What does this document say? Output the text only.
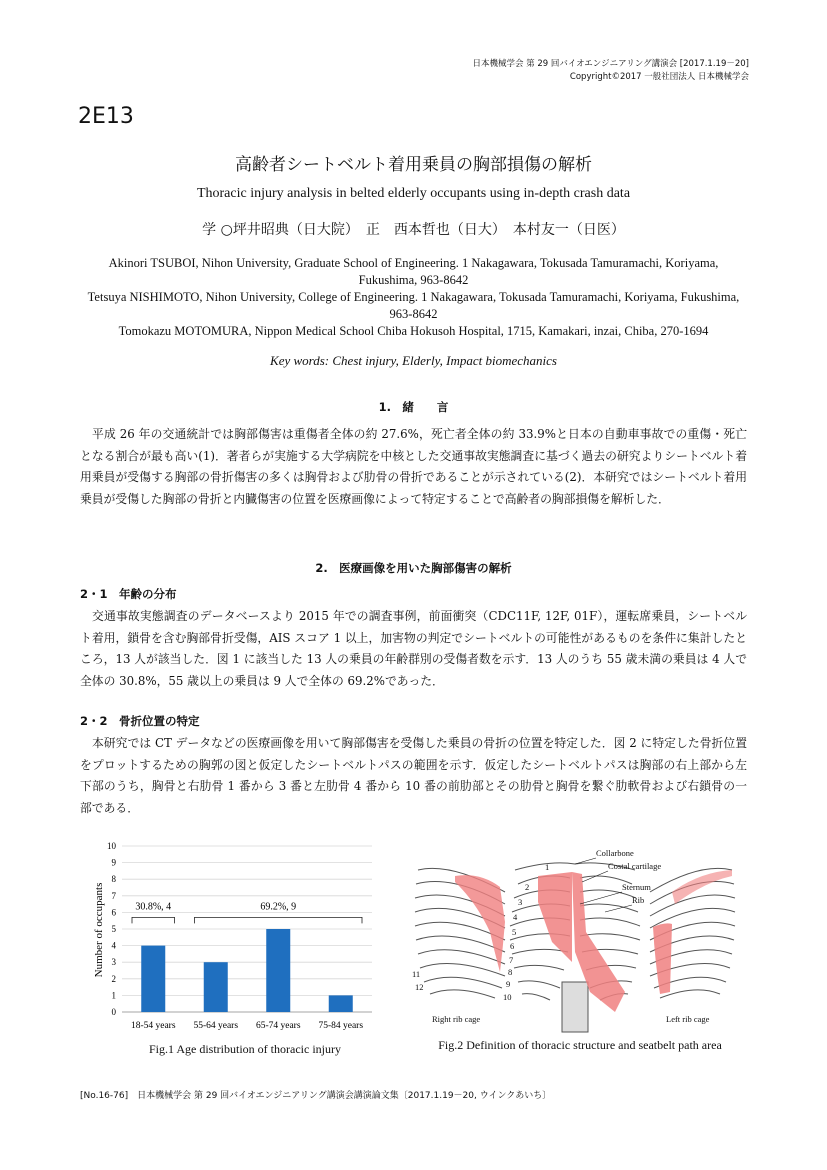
日本機械学会 第 29 回バイオエンジニアリング講演会 [2017.1.19－20]
Copyright©2017 一般社団法人 日本機械学会
2E13
高齢者シートベルト着用乗員の胸部損傷の解析
Thoracic injury analysis in belted elderly occupants using in-depth crash data
学 ○坪井昭典（日大院）　正　西本哲也（日大）　本村友一（日医）
Akinori TSUBOI, Nihon University, Graduate School of Engineering. 1 Nakagawara, Tokusada Tamuramachi, Koriyama, Fukushima, 963-8642
Tetsuya NISHIMOTO, Nihon University, College of Engineering. 1 Nakagawara, Tokusada Tamuramachi, Koriyama, Fukushima, 963-8642
Tomokazu MOTOMURA, Nippon Medical School Chiba Hokusoh Hospital, 1715, Kamakari, inzai, Chiba, 270-1694
Key words: Chest injury, Elderly, Impact biomechanics
1.　緒　　言
平成 26 年の交通統計では胸部傷害は重傷者全体の約 27.6%，死亡者全体の約 33.9%と日本の自動車事故での重傷・死亡となる割合が最も高い(1)．著者らが実施する大学病院を中核とした交通事故実態調査に基づく過去の研究よりシートベルト着用乗員が受傷する胸部の骨折傷害の多くは胸骨および肋骨の骨折であることが示されている(2)．本研究ではシートベルト着用乗員が受傷した胸部の骨折と内臓傷害の位置を医療画像によって特定することで高齢者の胸部損傷を解析した．
2.　医療画像を用いた胸部傷害の解析
2・1　年齢の分布
交通事故実態調査のデータベースより 2015 年での調査事例，前面衝突（CDC11F, 12F, 01F），運転席乗員，シートベルト着用，鎖骨を含む胸部骨折受傷，AIS スコア 1 以上，加害物の判定でシートベルトの可能性があるものを条件に集計したところ，13 人が該当した．図 1 に該当した 13 人の乗員の年齢群別の受傷者数を示す．13 人のうち 55 歳未満の乗員は 4 人で全体の 30.8%，55 歳以上の乗員は 9 人で全体の 69.2%であった．
2・2　骨折位置の特定
本研究では CT データなどの医療画像を用いて胸部傷害を受傷した乗員の骨折の位置を特定した．図 2 に特定した骨折位置をプロットするための胸郭の図と仮定したシートベルトパスの範囲を示す．仮定したシートベルトパスは胸部の右上部から左下部のうち，胸骨と右肋骨 1 番から 3 番と左肋骨 4 番から 10 番の前肋部とその肋骨と胸骨を繋ぐ肋軟骨および右鎖骨の一部である．
0
1
2
3
4
5
6
7
8
9
10
18-54 years 55-64 years 65-74 years 75-84 years
30.8%, 4	69.2%, 9
Number of occupants
Fig.1 Age distribution of thoracic injury
Collarbone
Costal cartilage
Sternum
Rib
Right rib cage	Left rib cage
1
2
3
4
5
6
7
8
9
10
11
12
Fig.2 Definition of thoracic structure and seatbelt path area
[No.16-76]　日本機械学会 第 29 回バイオエンジニアリング講演会講演論文集〔2017.1.19－20, ウインクあいち〕
